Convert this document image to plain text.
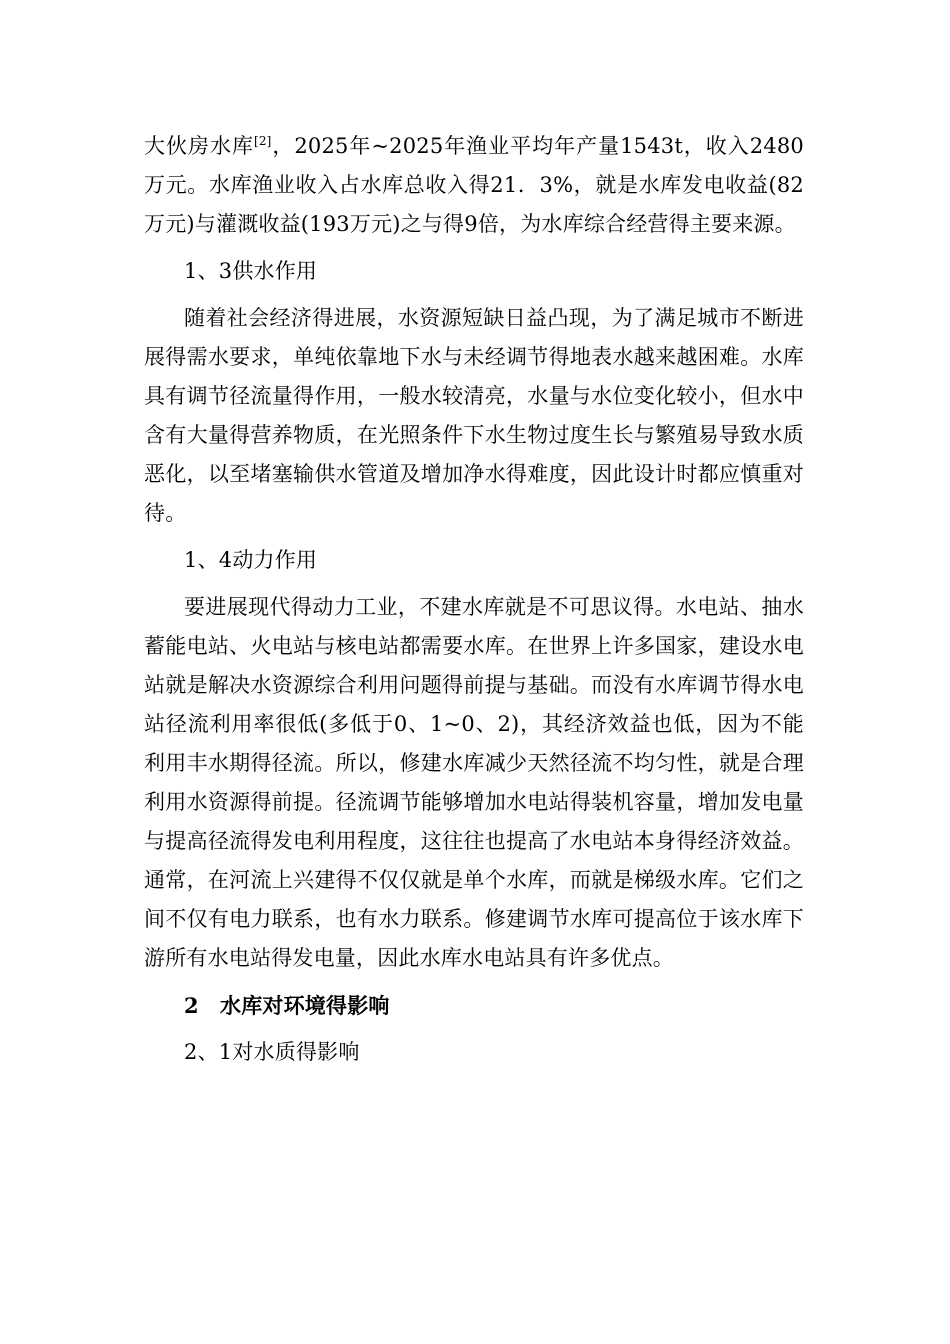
大伙房水库[2]，2025年~2025年渔业平均年产量1543t，收入2480万元。水库渔业收入占水库总收入得21．3%，就是水库发电收益(82万元)与灌溉收益(193万元)之与得9倍，为水库综合经营得主要来源。

1、3供水作用

随着社会经济得进展，水资源短缺日益凸现，为了满足城市不断进展得需水要求，单纯依靠地下水与未经调节得地表水越来越困难。水库具有调节径流量得作用，一般水较清亮，水量与水位变化较小，但水中含有大量得营养物质，在光照条件下水生物过度生长与繁殖易导致水质恶化，以至堵塞输供水管道及增加净水得难度，因此设计时都应慎重对待。

1、4动力作用

要进展现代得动力工业，不建水库就是不可思议得。水电站、抽水蓄能电站、火电站与核电站都需要水库。在世界上许多国家，建设水电站就是解决水资源综合利用问题得前提与基础。而没有水库调节得水电站径流利用率很低(多低于0、1~0、2)，其经济效益也低，因为不能利用丰水期得径流。所以，修建水库减少天然径流不均匀性，就是合理利用水资源得前提。径流调节能够增加水电站得装机容量，增加发电量与提高径流得发电利用程度，这往往也提高了水电站本身得经济效益。通常，在河流上兴建得不仅仅就是单个水库，而就是梯级水库。它们之间不仅有电力联系，也有水力联系。修建调节水库可提高位于该水库下游所有水电站得发电量，因此水库水电站具有许多优点。

2　水库对环境得影响

2、1对水质得影响
